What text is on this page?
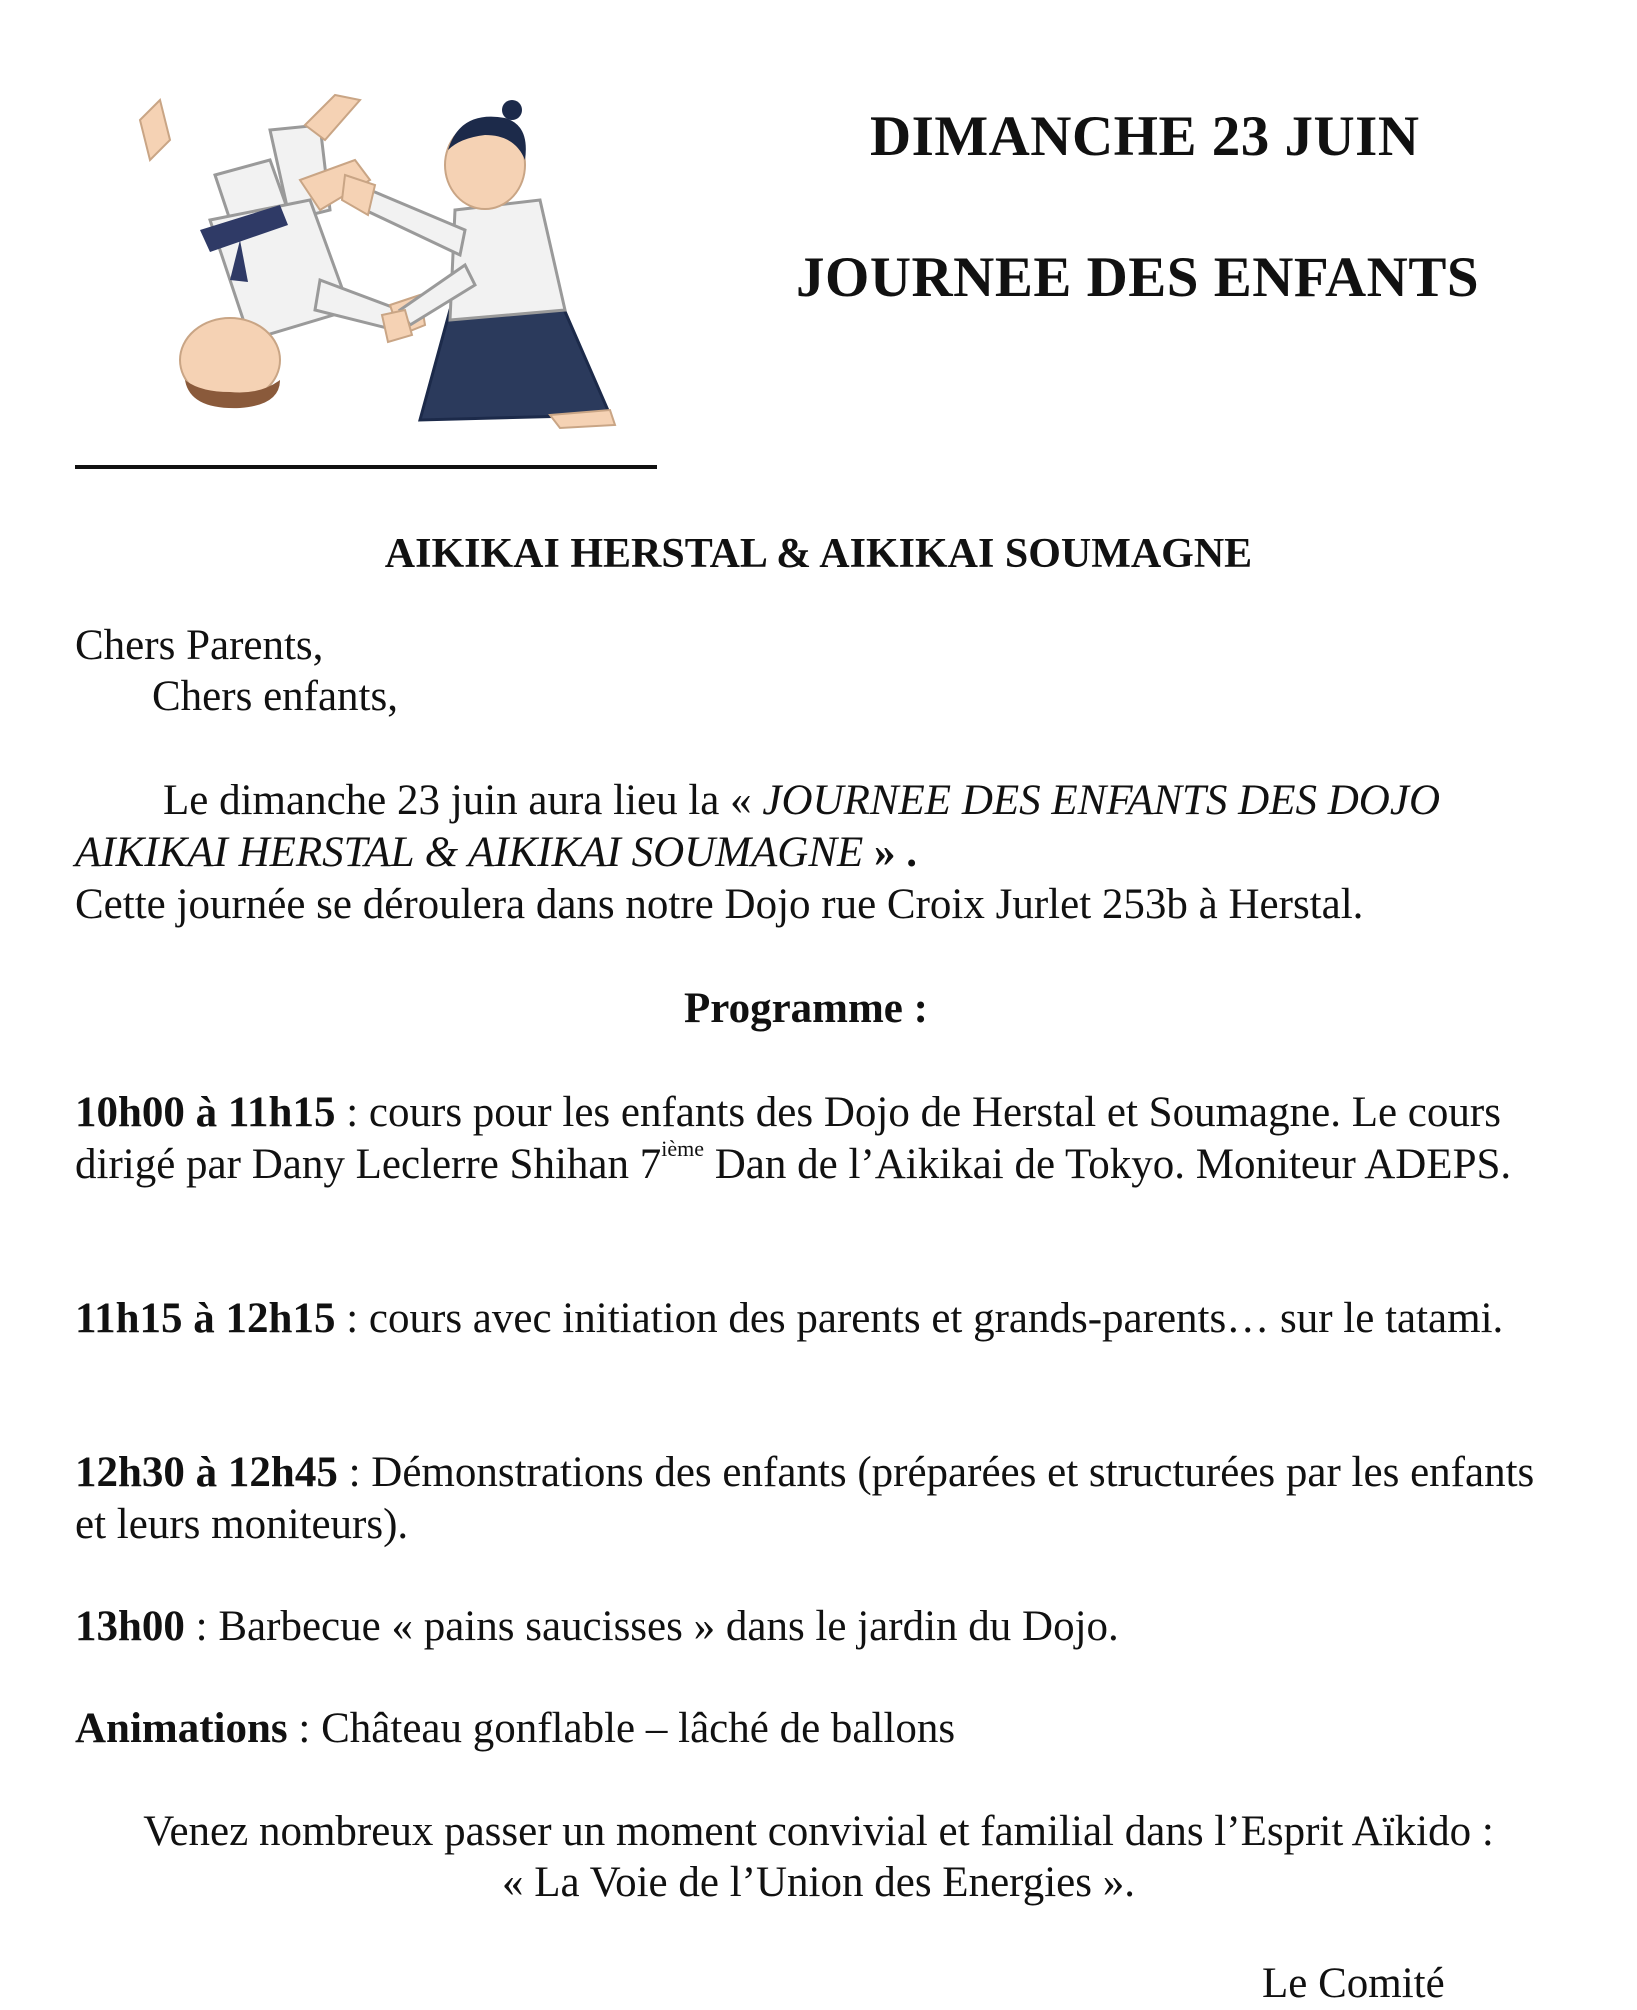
DIMANCHE 23 JUIN
JOURNEE DES ENFANTS
AIKIKAI HERSTAL & AIKIKAI SOUMAGNE
Chers Parents,
Chers enfants,
Le dimanche 23 juin aura lieu la « JOURNEE DES ENFANTS DES DOJO AIKIKAI HERSTAL & AIKIKAI SOUMAGNE » .
Cette journée se déroulera dans notre Dojo rue Croix Jurlet 253b à Herstal.
Programme :
10h00 à 11h15 : cours pour les enfants des Dojo de Herstal et Soumagne. Le cours dirigé par Dany Leclerre Shihan 7ième Dan de l’Aikikai de Tokyo. Moniteur ADEPS.
11h15 à 12h15 : cours avec initiation des parents et grands-parents… sur le tatami.
12h30 à 12h45 : Démonstrations des enfants (préparées et structurées par les enfants et leurs moniteurs).
13h00 : Barbecue « pains saucisses » dans le jardin du Dojo.
Animations : Château gonflable – lâché de ballons
Venez nombreux passer un moment convivial et familial dans l’Esprit Aïkido :
« La Voie de l’Union des Energies ».
Le Comité
